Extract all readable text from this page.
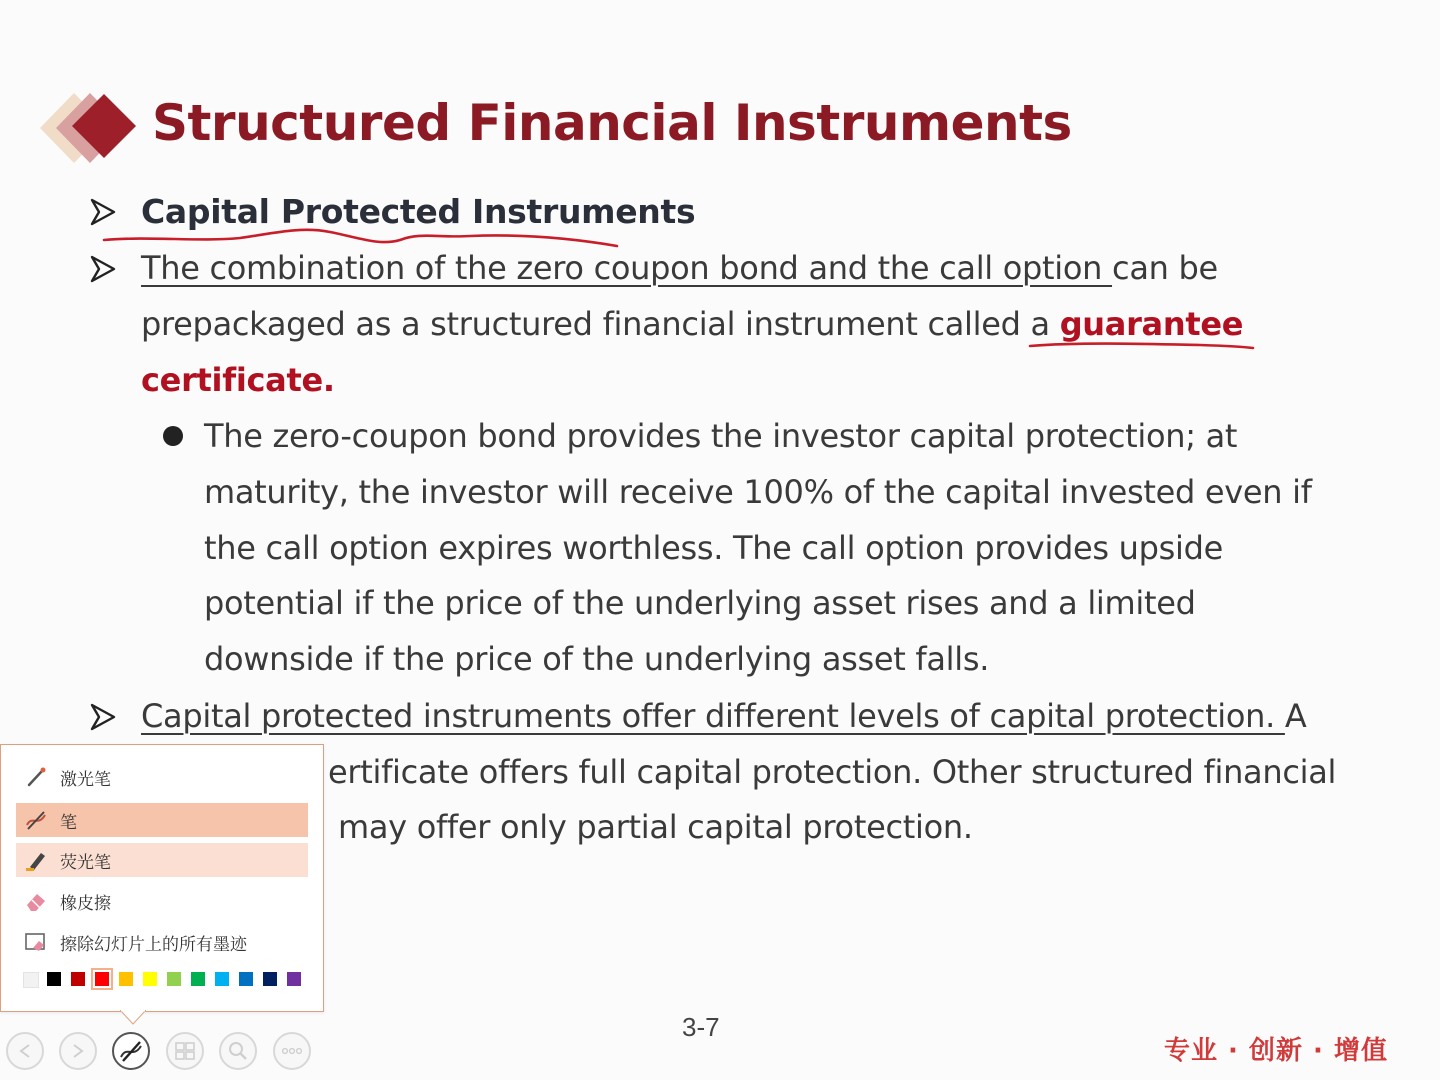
Structured Financial Instruments
Capital Protected Instruments
The combination of the zero coupon bond and the call option can be
prepackaged as a structured financial instrument called a guarantee
certificate.
The zero-coupon bond provides the investor capital protection; at
maturity, the investor will receive 100% of the capital invested even if
the call option expires worthless. The call option provides upside
potential if the price of the underlying asset rises and a limited
downside if the price of the underlying asset falls.
Capital protected instruments offer different levels of capital protection. A
ertificate offers full capital protection. Other structured financial
may offer only partial capital protection.
3-7
专业 · 创新 · 增值
激光笔
笔
荧光笔
橡皮擦
擦除幻灯片上的所有墨迹
